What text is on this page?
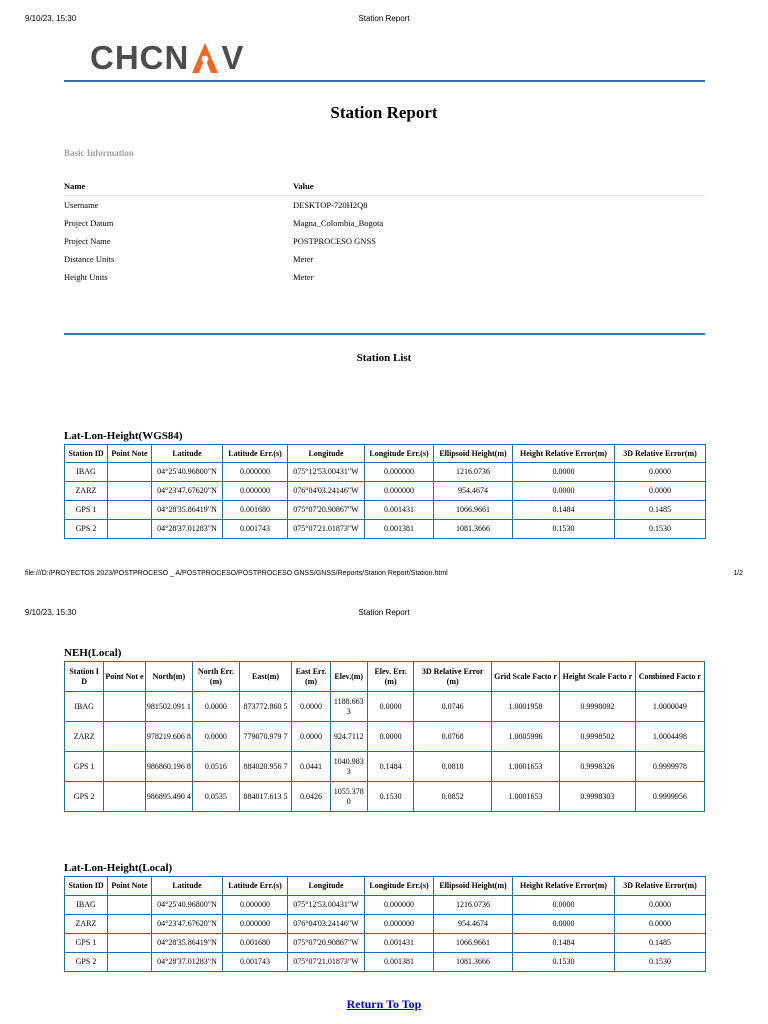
9/10/23, 15:30	Station Report
CHCN V
Station Report
Basic Information
Name	Value
Username	DESKTOP-720H2Q8
Project Datum	Magna_Colombia_Bogota
Project Name	POSTPROCESO GNSS
Distance Units	Meter
Height Units	Meter
Station List
Lat-Lon-Height(WGS84)
Station ID	Point Note	Latitude	Latitude Err.(s)	Longitude	Longitude Err.(s)	Ellipsoid Height(m)	Height Relative Error(m)	3D Relative Error(m)
IBAG		04°25'40.96800"N	0.000000	075°12'53.00431"W	0.000000	1216.0736	0.0000	0.0000
ZARZ		04°23'47.67620"N	0.000000	076°04'03.24146"W	0.000000	954.4674	0.0000	0.0000
GPS 1		04°28'35.86419"N	0.001680	075°07'20.90867"W	0.001431	1066.9661	0.1484	0.1485
GPS 2		04°28'37.01283"N	0.001743	075°07'21.01873"W	0.001381	1081.3666	0.1530	0.1530
file:///D:/PROYECTOS 2023/POSTPROCESO _ A/POSTPROCESO/POSTPROCESO GNSS/GNSS/Reports/Station Report/Station.html	1/2
9/10/23, 15:30	Station Report
NEH(Local)
Station I D	Point Not e	North(m)	North Err. (m)	East(m)	East Err. (m)	Elev.(m)	Elev. Err. (m)	3D Relative Error (m)	Grid Scale Facto r	Height Scale Facto r	Combined Facto r
IBAG		981502.091 1	0.0000	873772.860 5	0.0000	1188.663 3	0.0000	0.0746	1.0001958	0.9998092	1.0000049
ZARZ		978219.606 8	0.0000	779070.979 7	0.0000	924.7112	0.0000	0.0768	1.0005996	0.9998502	1.0004498
GPS 1		986860.196 8	0.0516	884020.956 7	0.0441	1040.983 3	0.1484	0.0818	1.0001653	0.9998326	0.9999978
GPS 2		986895.490 4	0.0535	884017.613 5	0.0426	1055.378 0	0.1530	0.0852	1.0001653	0.9998303	0.9999956
Lat-Lon-Height(Local)
Station ID	Point Note	Latitude	Latitude Err.(s)	Longitude	Longitude Err.(s)	Ellipsoid Height(m)	Height Relative Error(m)	3D Relative Error(m)
IBAG		04°25'40.96800"N	0.000000	075°12'53.00431"W	0.000000	1216.0736	0.0000	0.0000
ZARZ		04°23'47.67620"N	0.000000	076°04'03.24146"W	0.000000	954.4674	0.0000	0.0000
GPS 1		04°28'35.86419"N	0.001680	075°07'20.90867"W	0.001431	1066.9661	0.1484	0.1485
GPS 2		04°28'37.01283"N	0.001743	075°07'21.01873"W	0.001381	1081.3666	0.1530	0.1530
Return To Top
